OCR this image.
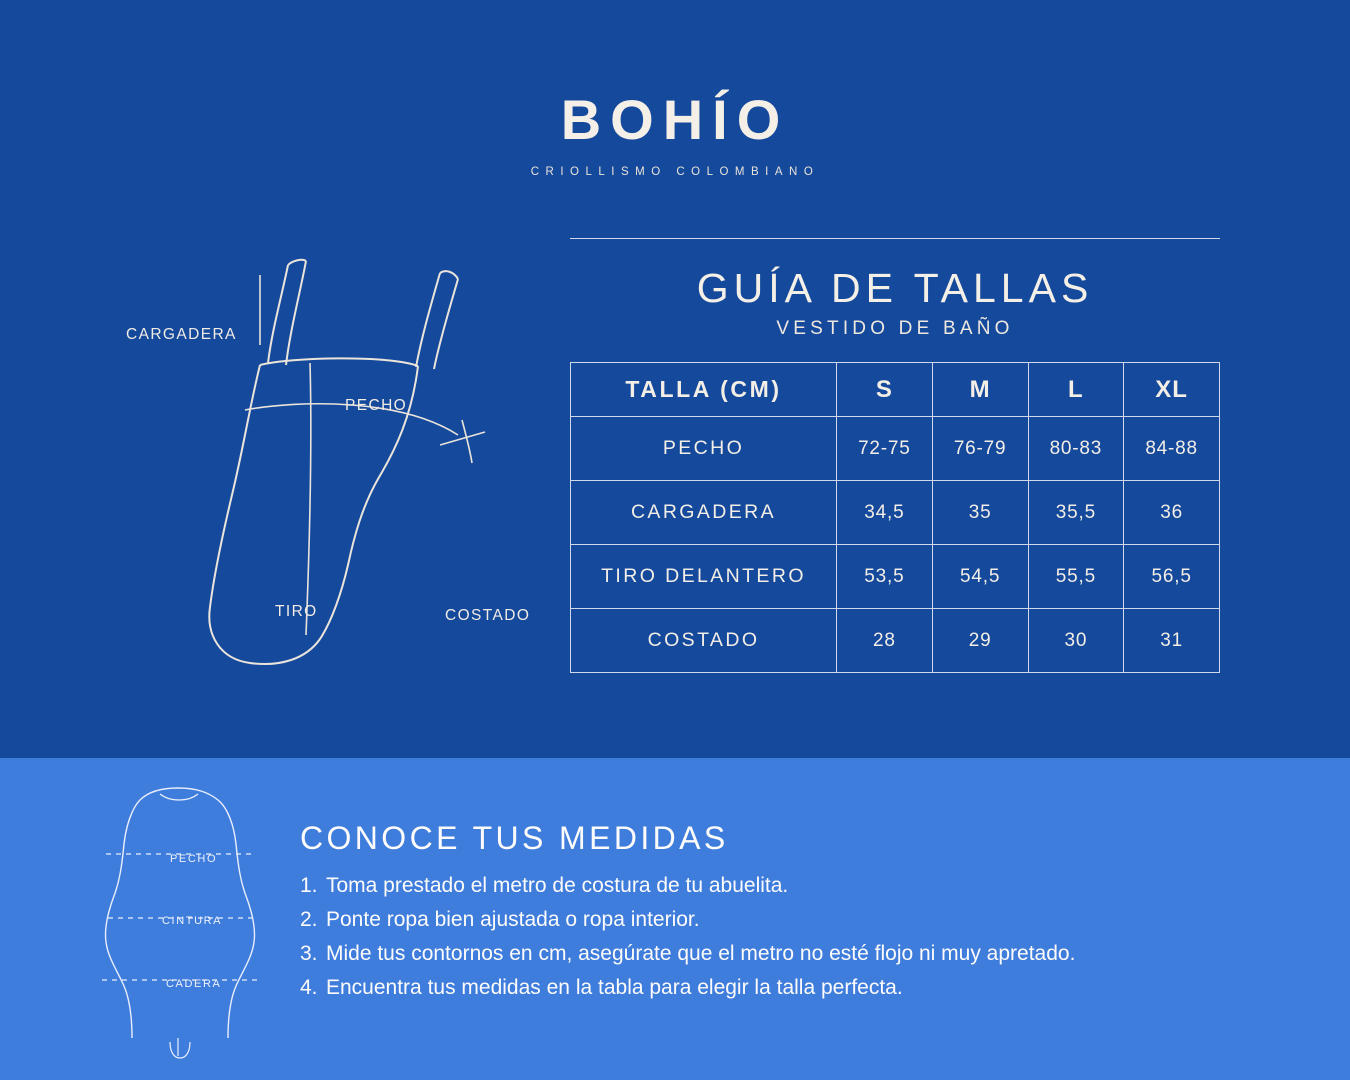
BOHÍO
CRIOLLISMO COLOMBIANO
CARGADERA
PECHO
TIRO	COSTADO
GUÍA DE TALLAS
VESTIDO DE BAÑO
TALLA (CM)	S	M	L	XL
PECHO	72-75	76-79	80-83	84-88
CARGADERA	34,5	35	35,5	36
TIRO DELANTERO	53,5	54,5	55,5	56,5
COSTADO	28	29	30	31
PECHO
CINTURA
CADERA
CONOCE TUS MEDIDAS
1. Toma prestado el metro de costura de tu abuelita.
2. Ponte ropa bien ajustada o ropa interior.
3. Mide tus contornos en cm, asegúrate que el metro no esté flojo ni muy apretado.
4. Encuentra tus medidas en la tabla para elegir la talla perfecta.
